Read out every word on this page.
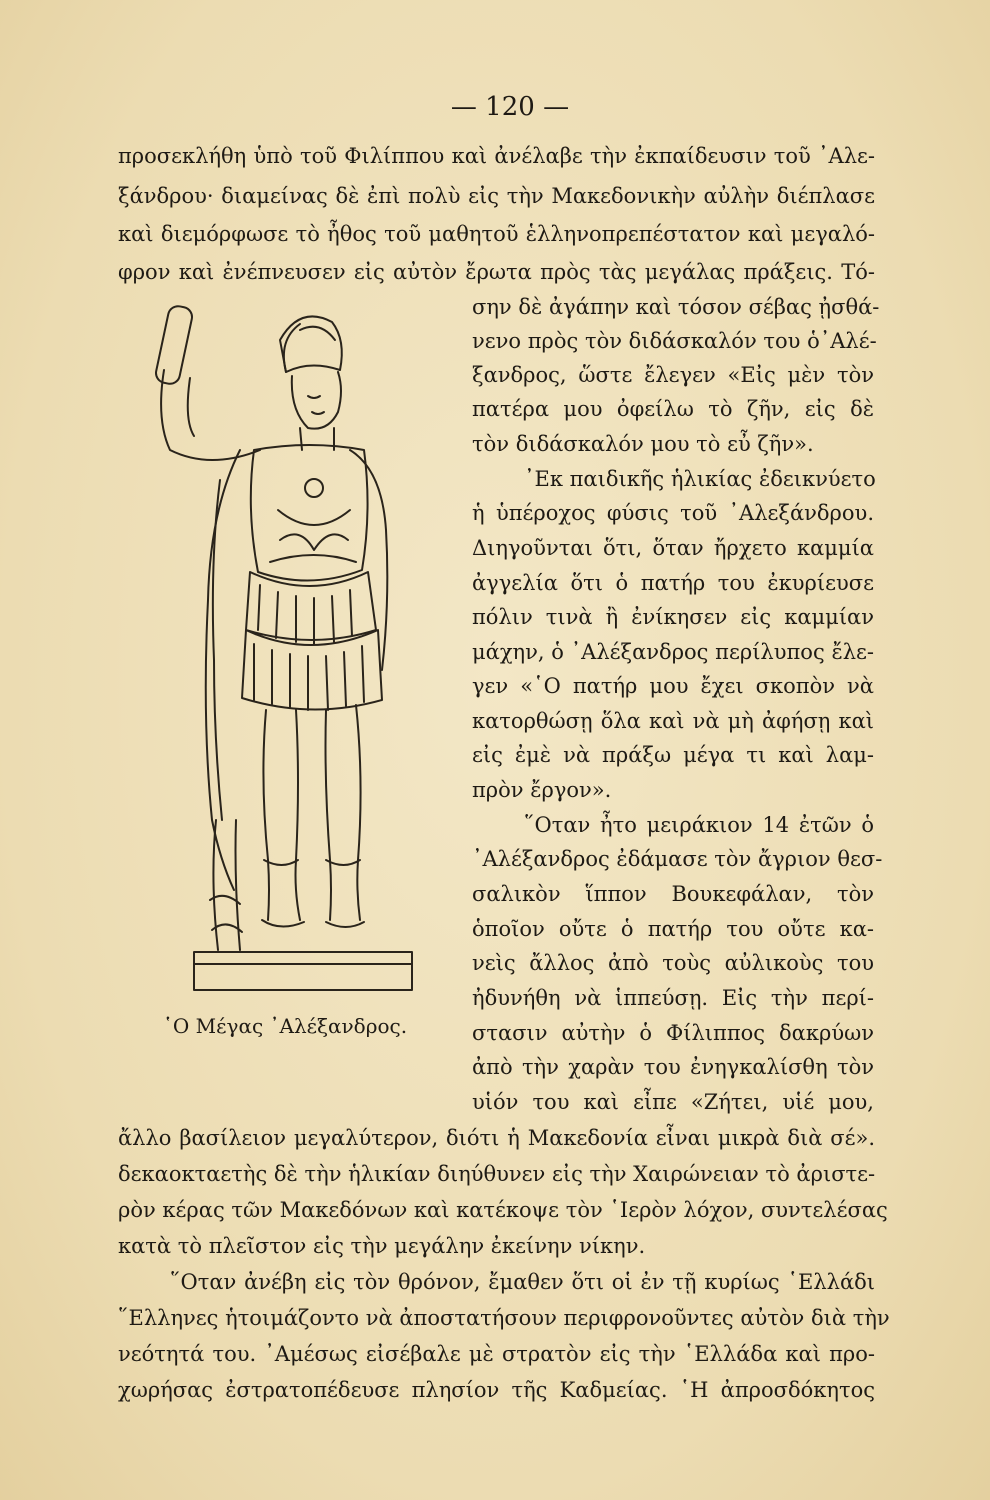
— 120 —
προσεκλήθη ὑπὸ τοῦ Φιλίππου καὶ ἀνέλαβε τὴν ἐκπαίδευσιν τοῦ ᾽Αλε-
ξάνδρου· διαμείνας δὲ ἐπὶ πολὺ εἰς τὴν Μακεδονικὴν αὐλὴν διέπλασε
καὶ διεμόρφωσε τὸ ἦθος τοῦ μαθητοῦ ἑλληνοπρεπέστατον καὶ μεγαλό-
φρον καὶ ἐνέπνευσεν εἰς αὐτὸν ἔρωτα πρὸς τὰς μεγάλας πράξεις. Τό-
῾Ο Μέγας ᾽Αλέξανδρος.
σην δὲ ἀγάπην καὶ τόσον σέβας ᾐσθά-
νενο πρὸς τὸν διδάσκαλόν του ὁ᾽Αλέ-
ξανδρος, ὥστε ἔλεγεν «Εἰς μὲν τὸν
πατέρα μου ὀφείλω τὸ ζῆν, εἰς δὲ
τὸν διδάσκαλόν μου τὸ εὖ ζῆν».
᾽Εκ παιδικῆς ἡλικίας ἐδεικνύετο
ἡ ὑπέροχος φύσις τοῦ ᾽Αλεξάνδρου.
Διηγοῦνται ὅτι, ὅταν ἤρχετο καμμία
ἀγγελία ὅτι ὁ πατήρ του ἐκυρίευσε
πόλιν τινὰ ἢ ἐνίκησεν εἰς καμμίαν
μάχην, ὁ ᾽Αλέξανδρος περίλυπος ἔλε-
γεν «῾Ο πατήρ μου ἔχει σκοπὸν νὰ
κατορθώσῃ ὅλα καὶ νὰ μὴ ἀφήσῃ καὶ
εἰς ἐμὲ νὰ πράξω μέγα τι καὶ λαμ-
πρὸν ἔργον».
῞Οταν ἦτο μειράκιον 14 ἐτῶν ὁ
᾽Αλέξανδρος ἐδάμασε τὸν ἄγριον θεσ-
σαλικὸν ἵππον Βουκεφάλαν, τὸν
ὁποῖον οὔτε ὁ πατήρ του οὔτε κα-
νεὶς ἄλλος ἀπὸ τοὺς αὐλικοὺς του
ἠδυνήθη νὰ ἱππεύσῃ. Εἰς τὴν περί-
στασιν αὐτὴν ὁ Φίλιππος δακρύων
ἀπὸ τὴν χαρὰν του ἐνηγκαλίσθη τὸν
υἱόν του καὶ εἶπε «Ζήτει, υἱέ μου,
ἄλλο βασίλειον μεγαλύτερον, διότι ἡ Μακεδονία εἶναι μικρὰ διὰ σέ».
δεκαοκταετὴς δὲ τὴν ἡλικίαν διηύθυνεν εἰς τὴν Χαιρώνειαν τὸ ἀριστε-
ρὸν κέρας τῶν Μακεδόνων καὶ κατέκοψε τὸν ῾Ιερὸν λόχον, συντελέσας
κατὰ τὸ πλεῖστον εἰς τὴν μεγάλην ἐκείνην νίκην.
῞Οταν ἀνέβη εἰς τὸν θρόνον, ἔμαθεν ὅτι οἱ ἐν τῇ κυρίως ῾Ελλάδι
῞Ελληνες ἡτοιμάζοντο νὰ ἀποστατήσουν περιφρονοῦντες αὐτὸν διὰ τὴν
νεότητά του. ᾽Αμέσως εἰσέβαλε μὲ στρατὸν εἰς τὴν ῾Ελλάδα καὶ προ-
χωρήσας ἐστρατοπέδευσε πλησίον τῆς Καδμείας. ῾Η ἀπροσδόκητος
